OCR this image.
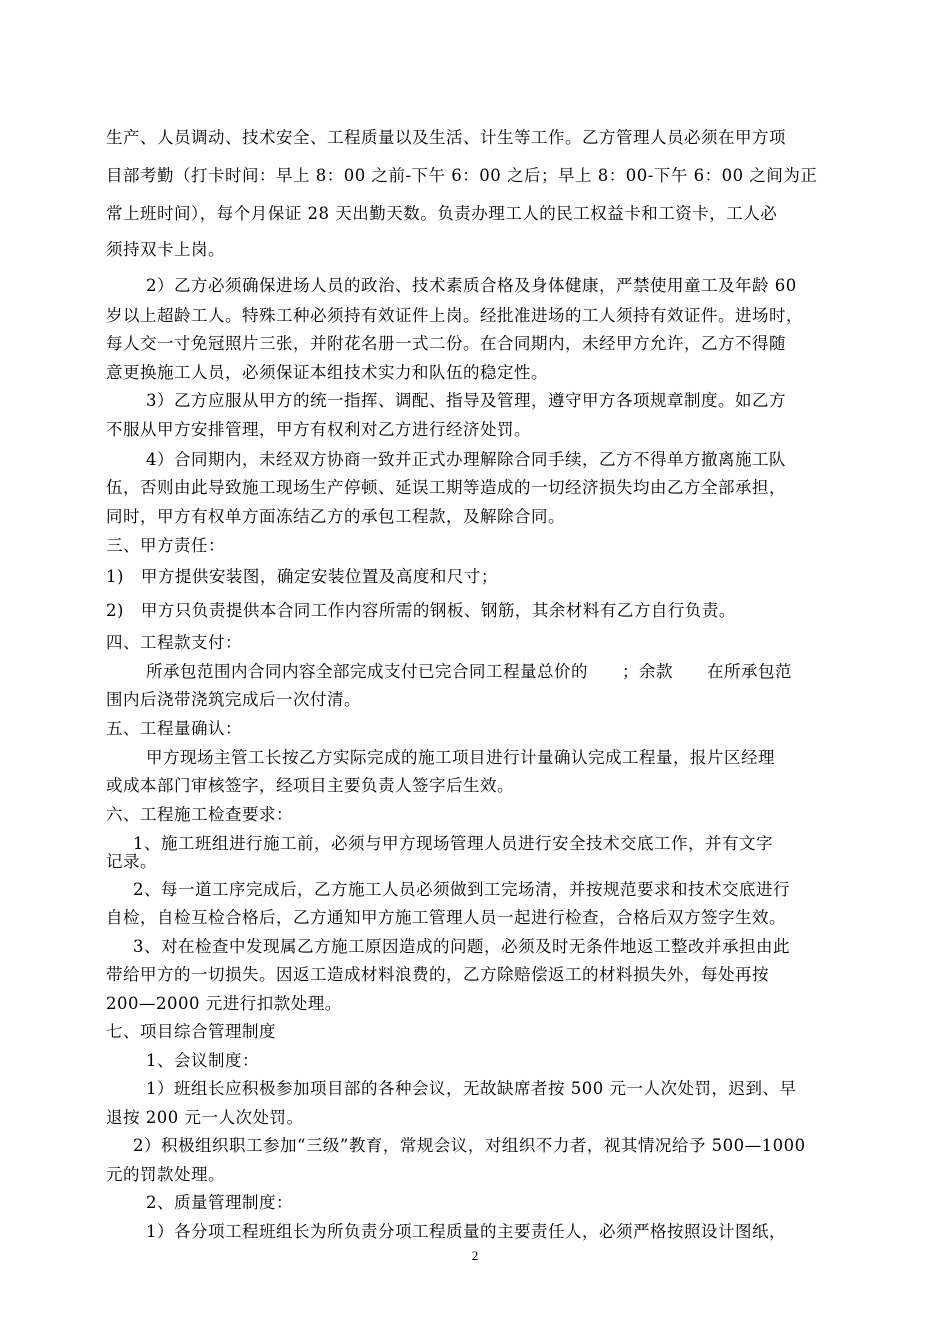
生产、人员调动、技术安全、工程质量以及生活、计生等工作。乙方管理人员必须在甲方项
目部考勤（打卡时间：早上 8：00 之前-下午 6：00 之后；早上 8：00-下午 6：00 之间为正
常上班时间），每个月保证 28 天出勤天数。负责办理工人的民工权益卡和工资卡，工人必
须持双卡上岗。
2）乙方必须确保进场人员的政治、技术素质合格及身体健康，严禁使用童工及年龄 60
岁以上超龄工人。特殊工种必须持有效证件上岗。经批准进场的工人须持有效证件。进场时，
每人交一寸免冠照片三张，并附花名册一式二份。在合同期内，未经甲方允许，乙方不得随
意更换施工人员，必须保证本组技术实力和队伍的稳定性。
3）乙方应服从甲方的统一指挥、调配、指导及管理，遵守甲方各项规章制度。如乙方
不服从甲方安排管理，甲方有权利对乙方进行经济处罚。
4）合同期内，未经双方协商一致并正式办理解除合同手续，乙方不得单方撤离施工队
伍，否则由此导致施工现场生产停顿、延误工期等造成的一切经济损失均由乙方全部承担，
同时，甲方有权单方面冻结乙方的承包工程款，及解除合同。
三、甲方责任：
1)　甲方提供安装图，确定安装位置及高度和尺寸；
2)　甲方只负责提供本合同工作内容所需的钢板、钢筋，其余材料有乙方自行负责。
四、工程款支付：
所承包范围内合同内容全部完成支付已完合同工程量总价的　　；余款　　在所承包范
围内后浇带浇筑完成后一次付清。
五、工程量确认：
甲方现场主管工长按乙方实际完成的施工项目进行计量确认完成工程量，报片区经理
或成本部门审核签字，经项目主要负责人签字后生效。
六、工程施工检查要求：
1、施工班组进行施工前，必须与甲方现场管理人员进行安全技术交底工作，并有文字
记录。
2、每一道工序完成后，乙方施工人员必须做到工完场清，并按规范要求和技术交底进行
自检，自检互检合格后，乙方通知甲方施工管理人员一起进行检查，合格后双方签字生效。
3、对在检查中发现属乙方施工原因造成的问题，必须及时无条件地返工整改并承担由此
带给甲方的一切损失。因返工造成材料浪费的，乙方除赔偿返工的材料损失外，每处再按
200—2000 元进行扣款处理。
七、项目综合管理制度
1、会议制度：
1）班组长应积极参加项目部的各种会议，无故缺席者按 500 元一人次处罚，迟到、早
退按 200 元一人次处罚。
2）积极组织职工参加“三级”教育，常规会议，对组织不力者，视其情况给予 500—1000
元的罚款处理。
2、质量管理制度：
1）各分项工程班组长为所负责分项工程质量的主要责任人，必须严格按照设计图纸，
2
